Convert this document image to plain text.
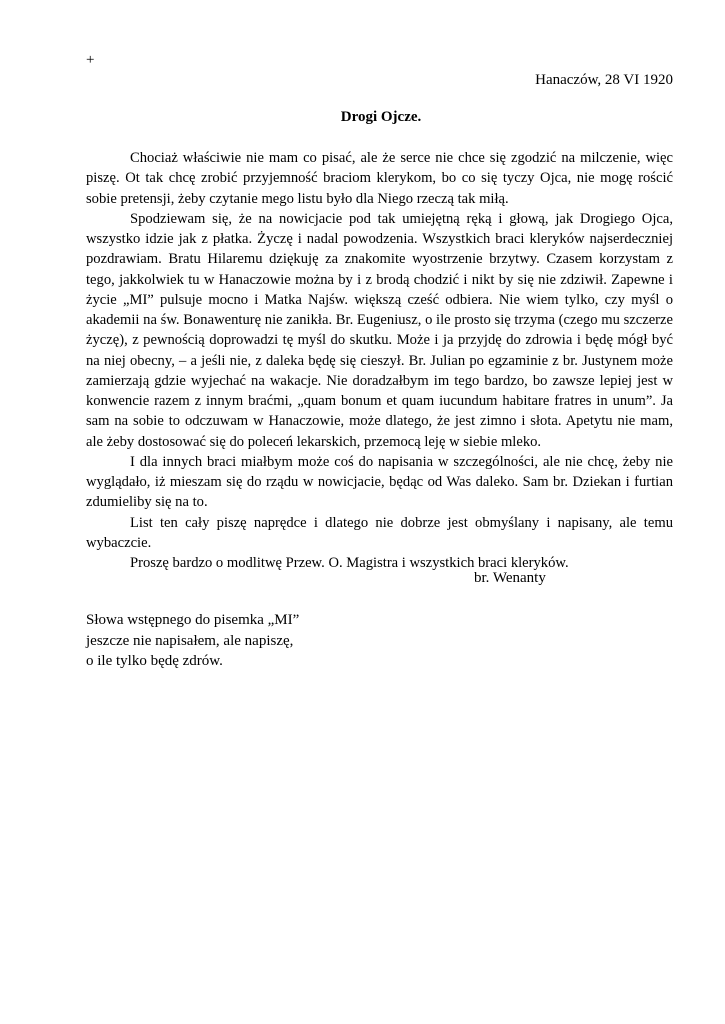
+
Hanaczów, 28 VI 1920
Drogi Ojcze.

Chociaż właściwie nie mam co pisać, ale że serce nie chce się zgodzić na milczenie, więc piszę. Ot tak chcę zrobić przyjemność braciom klerykom, bo co się tyczy Ojca, nie mogę rościć sobie pretensji, żeby czytanie mego listu było dla Niego rzeczą tak miłą.

Spodziewam się, że na nowicjacie pod tak umiejętną ręką i głową, jak Drogiego Ojca, wszystko idzie jak z płatka. Życzę i nadal powodzenia. Wszystkich braci kleryków najserdeczniej pozdrawiam. Bratu Hilaremu dziękuję za znakomite wyostrzenie brzytwy. Czasem korzystam z tego, jakkolwiek tu w Hanaczowie można by i z brodą chodzić i nikt by się nie zdziwił. Zapewne i życie „MI” pulsuje mocno i Matka Najśw. większą cześć odbiera. Nie wiem tylko, czy myśl o akademii na św. Bonawenturę nie zanikła. Br. Eugeniusz, o ile prosto się trzyma (czego mu szczerze życzę), z pewnością doprowadzi tę myśl do skutku. Może i ja przyjdę do zdrowia i będę mógł być na niej obecny, – a jeśli nie, z daleka będę się cieszył. Br. Julian po egzaminie z br. Justynem może zamierzają gdzie wyjechać na wakacje. Nie doradzałbym im tego bardzo, bo zawsze lepiej jest w konwencie razem z innym braćmi, „quam bonum et quam iucundum habitare fratres in unum”. Ja sam na sobie to odczuwam w Hanaczowie, może dlatego, że jest zimno i słota. Apetytu nie mam, ale żeby dostosować się do poleceń lekarskich, przemocą leję w siebie mleko.

I dla innych braci miałbym może coś do napisania w szczególności, ale nie chcę, żeby nie wyglądało, iż mieszam się do rządu w nowicjacie, będąc od Was daleko. Sam br. Dziekan i furtian zdumieliby się na to.

List ten cały piszę naprędce i dlatego nie dobrze jest obmyślany i napisany, ale temu wybaczcie.

Proszę bardzo o modlitwę Przew. O. Magistra i wszystkich braci kleryków.

br. Wenanty
Słowa wstępnego do pisemka „MI”
jeszcze nie napisałem, ale napiszę,
o ile tylko będę zdrów.
